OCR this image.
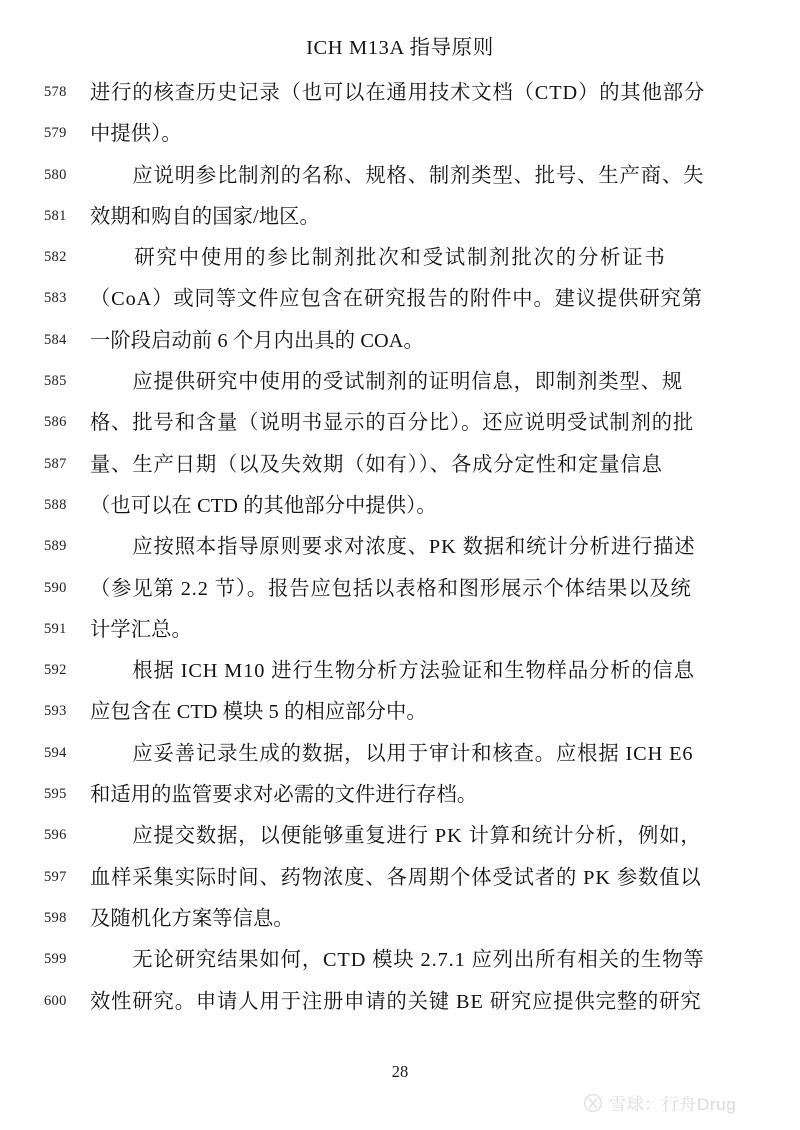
ICH M13A 指导原则
578	进行的核查历史记录（也可以在通用技术文档（CTD）的其他部分
579	中提供）。
580	　　应说明参比制剂的名称、规格、制剂类型、批号、生产商、失
581	效期和购自的国家/地区。
582	　　研究中使用的参比制剂批次和受试制剂批次的分析证书
583	（CoA）或同等文件应包含在研究报告的附件中。建议提供研究第
584	一阶段启动前 6 个月内出具的 COA。
585	　　应提供研究中使用的受试制剂的证明信息，即制剂类型、规
586	格、批号和含量（说明书显示的百分比）。还应说明受试制剂的批
587	量、生产日期（以及失效期（如有））、各成分定性和定量信息
588	（也可以在 CTD 的其他部分中提供）。
589	　　应按照本指导原则要求对浓度、PK 数据和统计分析进行描述
590	（参见第 2.2 节）。报告应包括以表格和图形展示个体结果以及统
591	计学汇总。
592	　　根据 ICH M10 进行生物分析方法验证和生物样品分析的信息
593	应包含在 CTD 模块 5 的相应部分中。
594	　　应妥善记录生成的数据，以用于审计和核查。应根据 ICH E6
595	和适用的监管要求对必需的文件进行存档。
596	　　应提交数据，以便能够重复进行 PK 计算和统计分析，例如，
597	血样采集实际时间、药物浓度、各周期个体受试者的 PK 参数值以
598	及随机化方案等信息。
599	　　无论研究结果如何，CTD 模块 2.7.1 应列出所有相关的生物等
600	效性研究。申请人用于注册申请的关键 BE 研究应提供完整的研究
28
雪球：行舟Drug
